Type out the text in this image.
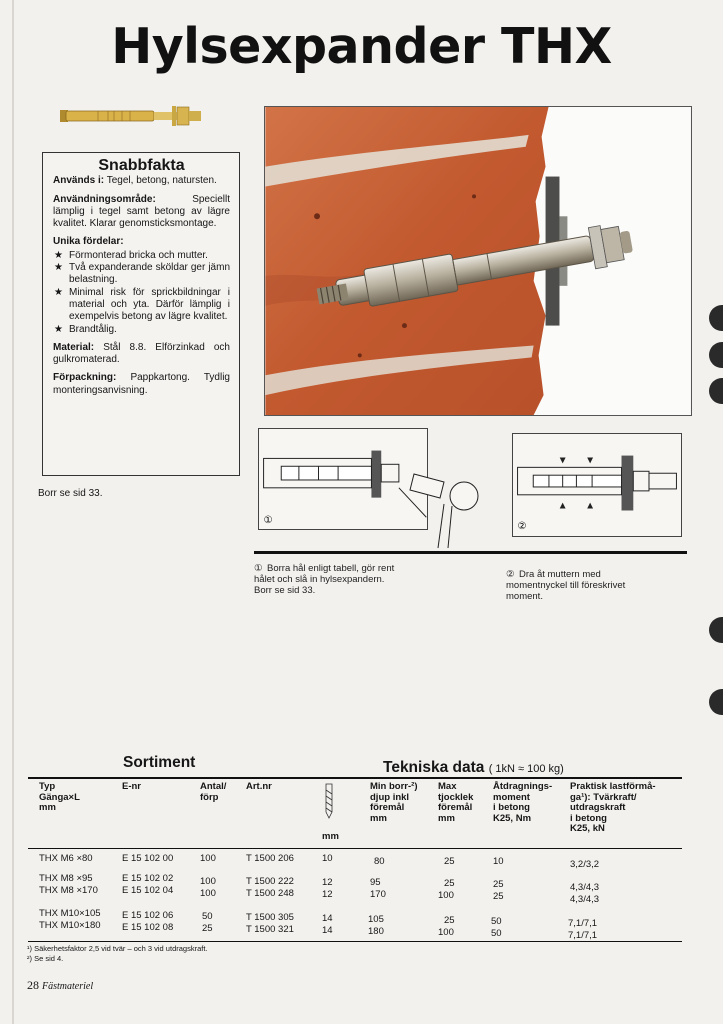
Hylsexpander THX
Snabbfakta

Används i: Tegel, betong, natursten.

Användningsområde:	Speciellt lämplig i tegel samt betong av lägre kvalitet. Klarar genomsticksmontage.

Unika fördelar:

★ Förmonterad bricka och mutter.
★ Två expanderande sköldar ger jämn belastning.
★ Minimal risk för sprickbildningar i material och yta. Därför lämplig i exempelvis betong av lägre kvalitet.
★ Brandtålig.

Material: Stål 8.8. Elförzinkad och gulkromaterad.

Förpackning: Pappkartong. Tydlig monteringsanvisning.

Borr se sid 33.
①
②
① Borra hål enligt tabell, gör rent hålet och slå in hylsexpandern. Borr se sid 33.
② Dra åt muttern med momentnyckel till föreskrivet moment.
Sortiment	Tekniska data ( 1kN ≈ 100 kg)
Typ
Gänga×L
mm
E-nr	Antal/
förp
Art.nr
mm
Min borr-²)
djup inkl
föremål
mm
Max
tjocklek
föremål
mm
Åtdragnings-
moment
i betong
K25, Nm
Praktisk lastförmå-
ga¹): Tvärkraft/
utdragskraft
i betong
K25, kN
THX M6 ×80	E 15 102 00	100	T 1500 206	10	80	25	10	3,2/3,2
THX M8 ×95	E 15 102 02	100	T 1500 222	12	95	25	25	4,3/4,3
THX M8 ×170	E 15 102 04	100	T 1500 248	12	170	100	25	4,3/4,3
THX M10×105 E 15 102 06	50	T 1500 305	14	105	25	50	7,1/7,1
THX M10×180 E 15 102 08	25	T 1500 321	14	180	100	50	7,1/7,1
¹) Säkerhetsfaktor 2,5 vid tvär – och 3 vid utdragskraft.
²) Se sid 4.
28 Fästmateriel
